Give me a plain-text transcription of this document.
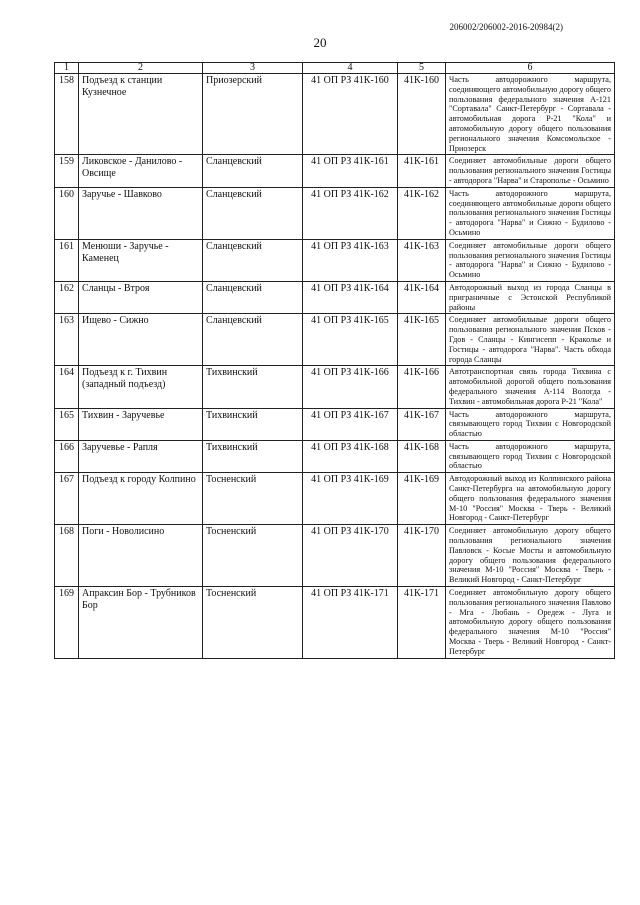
206002/206002-2016-20984(2)
20
1	2	3	4	5	6
158	Подъезд к станции Кузнечное	Приозерский	41 ОП РЗ 41К-160	41К-160	Часть автодорожного маршрута, соединяющего автомобильную дорогу общего пользования федерального значения А-121 "Сортавала" Санкт-Петербург - Сортавала - автомобильная дорога Р-21 "Кола" и автомобильную дорогу общего пользования регионального значения Комсомольское - Приозерск
159	Ликовское - Данилово - Овсище	Сланцевский	41 ОП РЗ 41К-161	41К-161	Соединяет автомобильные дороги общего пользования регионального значения Гостицы - автодорога "Нарва" и Старополье - Осьмино
160	Заручье - Шавково	Сланцевский	41 ОП РЗ 41К-162	41К-162	Часть автодорожного маршрута, соединяющего автомобильные дороги общего пользования регионального значения Гостицы - автодорога "Нарва" и Сижно - Будилово - Осьмино
161	Менюши - Заручье - Каменец	Сланцевский	41 ОП РЗ 41К-163	41К-163	Соединяет автомобильные дороги общего пользования регионального значения Гостицы - автодорога "Нарва" и Сижно - Будилово - Осьмино
162	Сланцы - Втроя	Сланцевский	41 ОП РЗ 41К-164	41К-164	Автодорожный выход из города Сланцы в приграничные с Эстонской Республикой районы
163	Ищево - Сижно	Сланцевский	41 ОП РЗ 41К-165	41К-165	Соединяет автомобильные дороги общего пользования регионального значения Псков - Гдов - Сланцы - Кингисепп - Краколье и Гостицы - автодорога "Нарва". Часть обхода города Сланцы
164	Подъезд к г. Тихвин (западный подъезд)	Тихвинский	41 ОП РЗ 41К-166	41К-166	Автотранспортная связь города Тихвина с автомобильной дорогой общего пользования федерального значения А-114 Вологда - Тихвин - автомобильная дорога Р-21 "Кола"
165	Тихвин - Заручевье	Тихвинский	41 ОП РЗ 41К-167	41К-167	Часть автодорожного маршрута, связывающего город Тихвин с Новгородской областью
166	Заручевье - Рапля	Тихвинский	41 ОП РЗ 41К-168	41К-168	Часть автодорожного маршрута, связывающего город Тихвин с Новгородской областью
167	Подъезд к городу Колпино	Тосненский	41 ОП РЗ 41К-169	41К-169	Автодорожный выход из Колпинского района Санкт-Петербурга на автомобильную дорогу общего пользования федерального значения М-10 "Россия" Москва - Тверь - Великий Новгород - Санкт-Петербург
168	Поги - Новолисино	Тосненский	41 ОП РЗ 41К-170	41К-170	Соединяет автомобильную дорогу общего пользования регионального значения Павловск - Косые Мосты и автомобильную дорогу общего пользования федерального значения М-10 "Россия" Москва - Тверь - Великий Новгород - Санкт-Петербург
169	Апраксин Бор - Трубников Бор	Тосненский	41 ОП РЗ 41К-171	41К-171	Соединяет автомобильную дорогу общего пользования регионального значения Павлово - Мга - Любань - Оредеж - Луга и автомобильную дорогу общего пользования федерального значения М-10 "Россия" Москва - Тверь - Великий Новгород - Санкт-Петербург
